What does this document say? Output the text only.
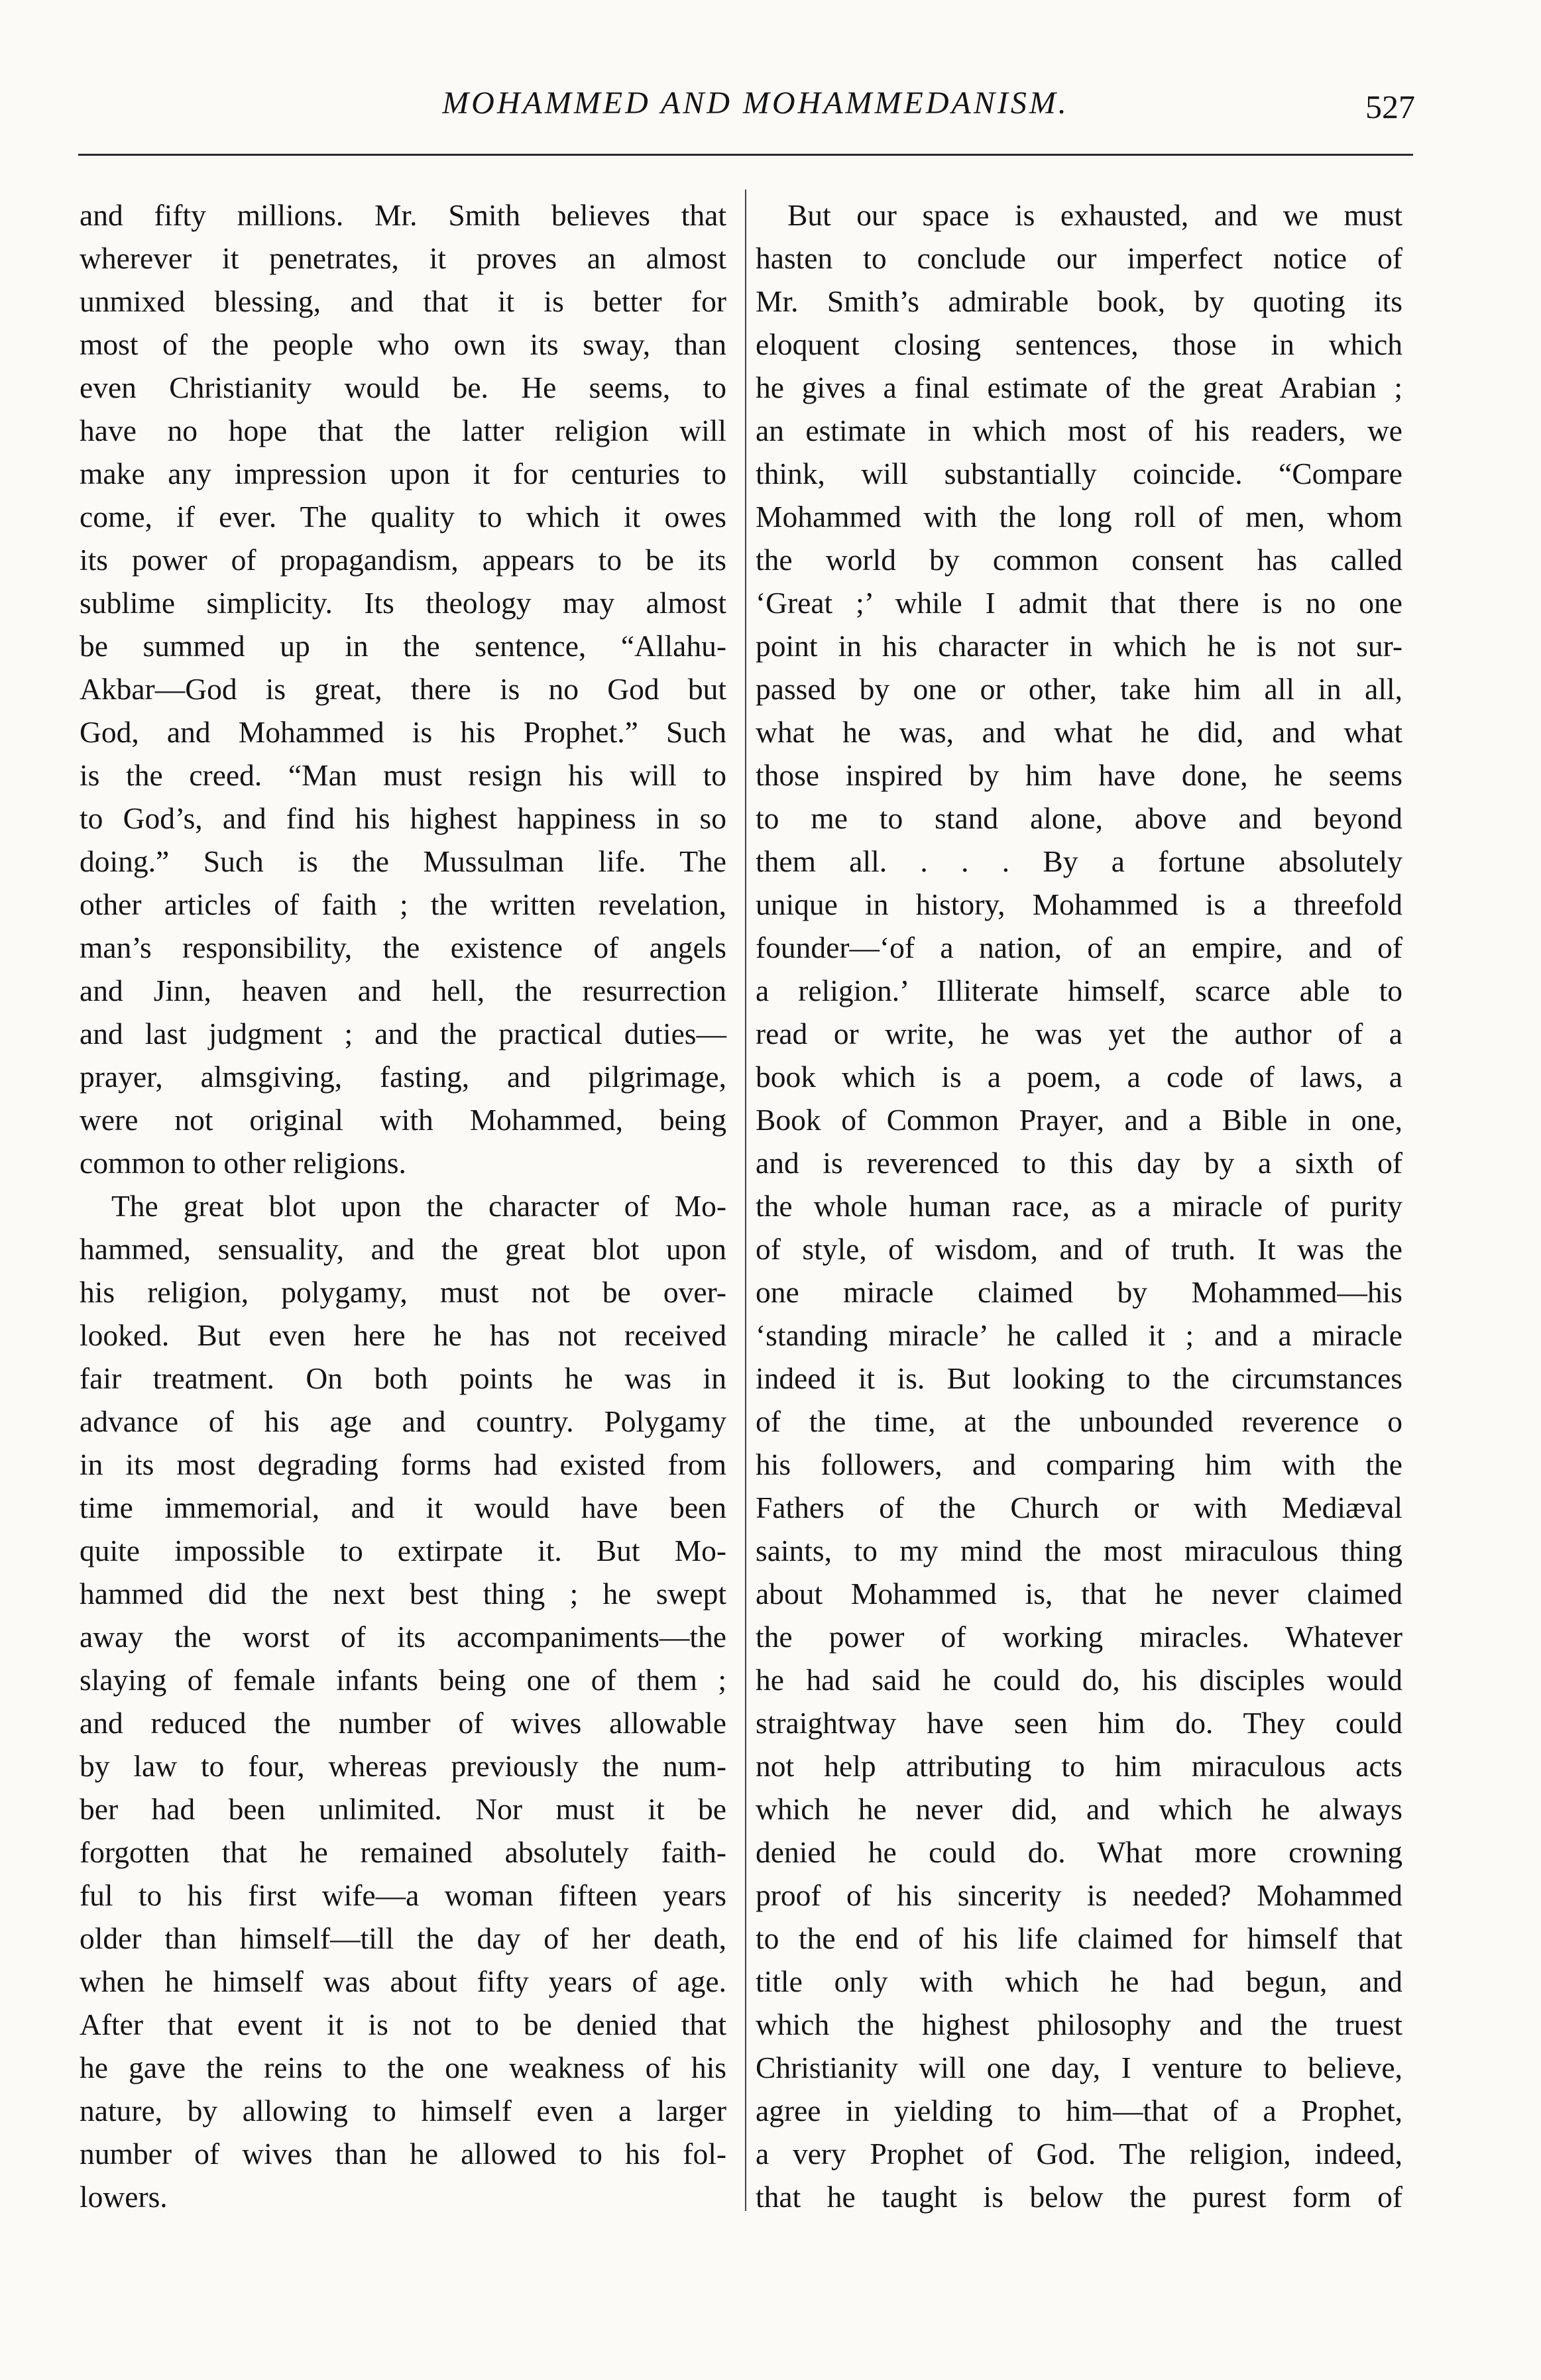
MOHAMMED AND MOHAMMEDANISM.	527
and fifty millions. Mr. Smith believes that
wherever it penetrates, it proves an almost
unmixed blessing, and that it is better for
most of the people who own its sway, than
even Christianity would be. He seems, to
have no hope that the latter religion will
make any impression upon it for centuries to
come, if ever. The quality to which it owes
its power of propagandism, appears to be its
sublime simplicity. Its theology may almost
be summed up in the sentence, “Allahu-
Akbar—God is great, there is no God but
God, and Mohammed is his Prophet.” Such
is the creed. “Man must resign his will to
to God’s, and find his highest happiness in so
doing.” Such is the Mussulman life. The
other articles of faith ; the written revelation,
man’s responsibility, the existence of angels
and Jinn, heaven and hell, the resurrection
and last judgment ; and the practical duties—
prayer, almsgiving, fasting, and pilgrimage,
were not original with Mohammed, being
common to other religions.
The great blot upon the character of Mo-
hammed, sensuality, and the great blot upon
his religion, polygamy, must not be over-
looked. But even here he has not received
fair treatment. On both points he was in
advance of his age and country. Polygamy
in its most degrading forms had existed from
time immemorial, and it would have been
quite impossible to extirpate it. But Mo-
hammed did the next best thing ; he swept
away the worst of its accompaniments—the
slaying of female infants being one of them ;
and reduced the number of wives allowable
by law to four, whereas previously the num-
ber had been unlimited. Nor must it be
forgotten that he remained absolutely faith-
ful to his first wife—a woman fifteen years
older than himself—till the day of her death,
when he himself was about fifty years of age.
After that event it is not to be denied that
he gave the reins to the one weakness of his
nature, by allowing to himself even a larger
number of wives than he allowed to his fol-
lowers.
But our space is exhausted, and we must
hasten to conclude our imperfect notice of
Mr. Smith’s admirable book, by quoting its
eloquent closing sentences, those in which
he gives a final estimate of the great Arabian ;
an estimate in which most of his readers, we
think, will substantially coincide. “Compare
Mohammed with the long roll of men, whom
the world by common consent has called
‘Great ;’ while I admit that there is no one
point in his character in which he is not sur-
passed by one or other, take him all in all,
what he was, and what he did, and what
those inspired by him have done, he seems
to me to stand alone, above and beyond
them all. . . . By a fortune absolutely
unique in history, Mohammed is a threefold
founder—‘of a nation, of an empire, and of
a religion.’ Illiterate himself, scarce able to
read or write, he was yet the author of a
book which is a poem, a code of laws, a
Book of Common Prayer, and a Bible in one,
and is reverenced to this day by a sixth of
the whole human race, as a miracle of purity
of style, of wisdom, and of truth. It was the
one miracle claimed by Mohammed—his
‘standing miracle’ he called it ; and a miracle
indeed it is. But looking to the circumstances
of the time, at the unbounded reverence o
his followers, and comparing him with the
Fathers of the Church or with Mediæval
saints, to my mind the most miraculous thing
about Mohammed is, that he never claimed
the power of working miracles. Whatever
he had said he could do, his disciples would
straightway have seen him do. They could
not help attributing to him miraculous acts
which he never did, and which he always
denied he could do. What more crowning
proof of his sincerity is needed? Mohammed
to the end of his life claimed for himself that
title only with which he had begun, and
which the highest philosophy and the truest
Christianity will one day, I venture to believe,
agree in yielding to him—that of a Prophet,
a very Prophet of God. The religion, indeed,
that he taught is below the purest form of
